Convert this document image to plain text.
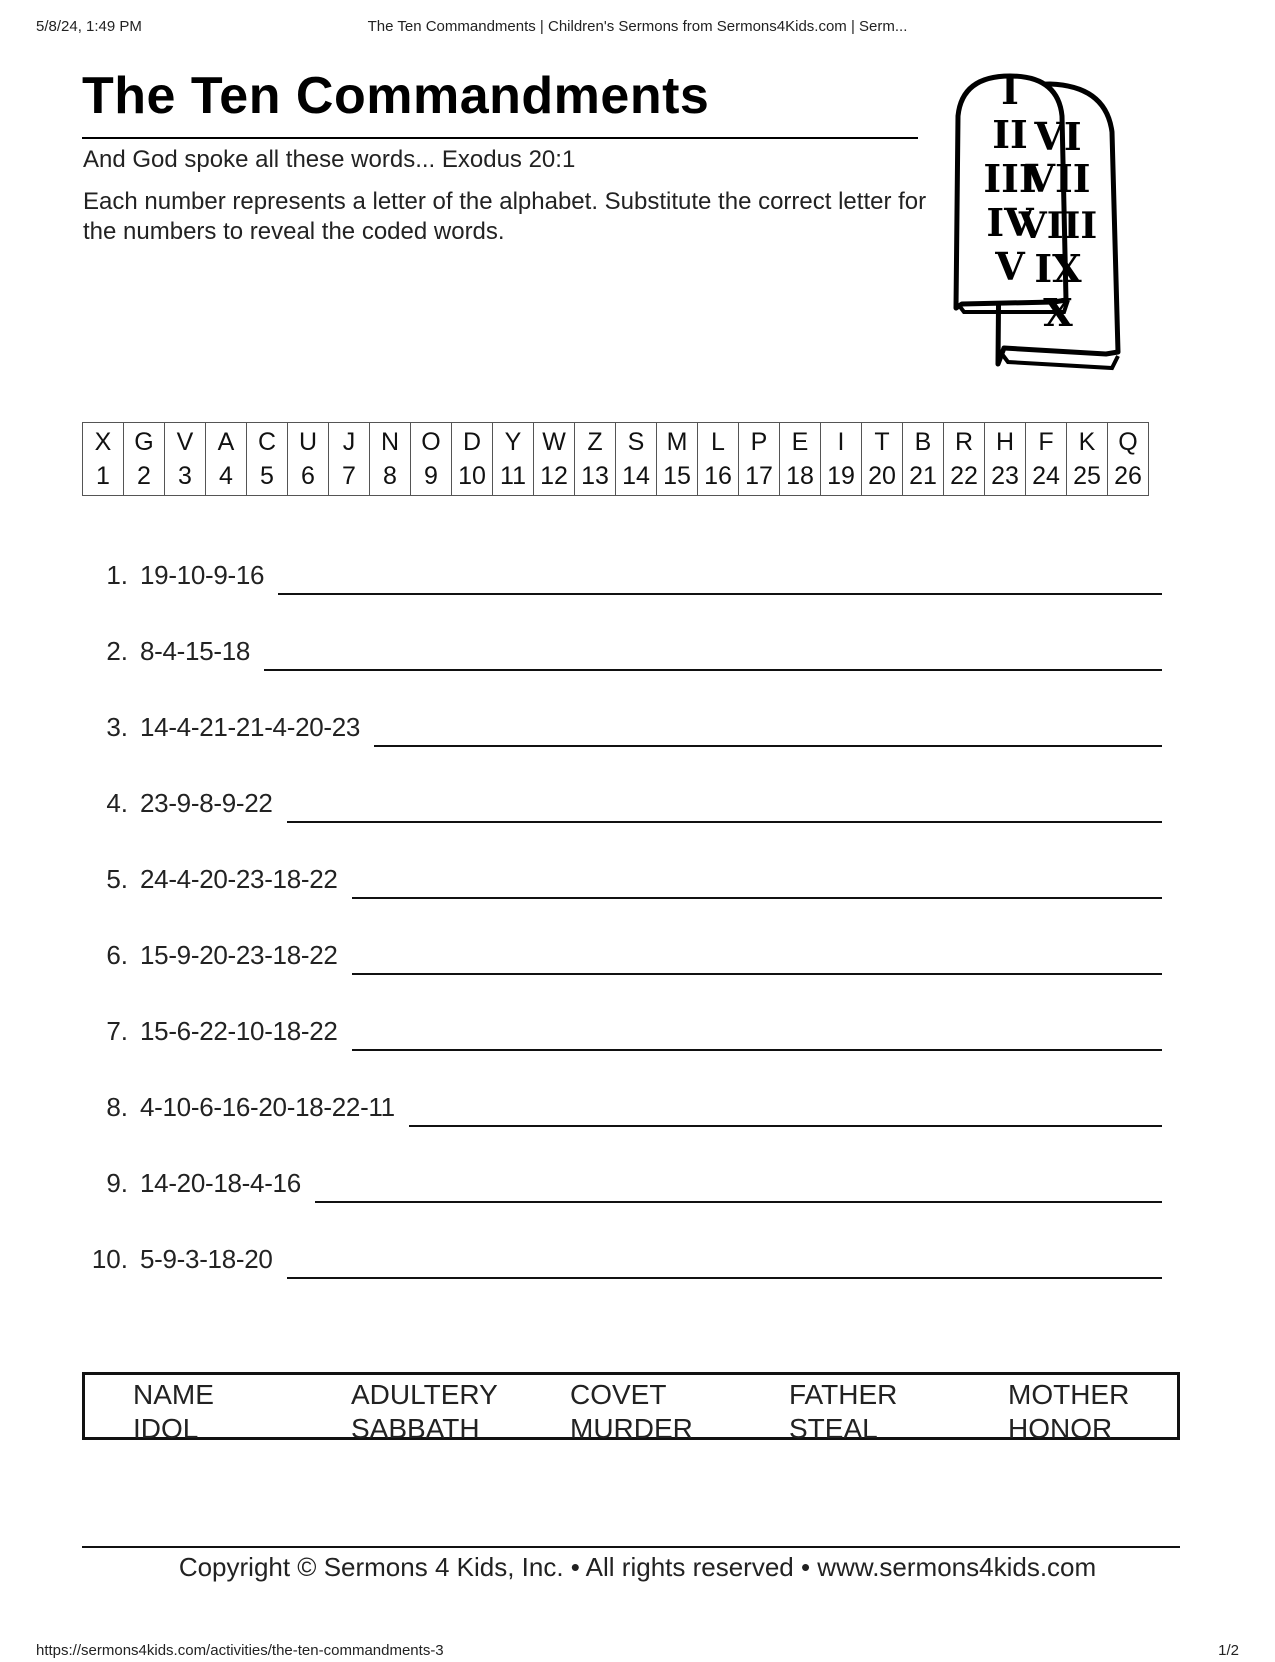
5/8/24, 1:49 PM	The Ten Commandments | Children's Sermons from Sermons4Kids.com | Serm...
The Ten Commandments
And God spoke all these words... Exodus 20:1
Each number represents a letter of the alphabet. Substitute the correct letter for the numbers to reveal the coded words.
I
II
III
IV
V
VI
VII
VIII
IX
X
X	G	V	A	C	U	J	N	O	D	Y	W	Z	S	M	L	P	E	I	T	B	R	H	F	K	Q
1	2	3	4	5	6	7	8	9	10	11	12	13	14	15	16	17	18	19	20	21	22	23	24	25	26
1. 19-10-9-16
2. 8-4-15-18
3. 14-4-21-21-4-20-23
4. 23-9-8-9-22
5. 24-4-20-23-18-22
6. 15-9-20-23-18-22
7. 15-6-22-10-18-22
8. 4-10-6-16-20-18-22-11
9. 14-20-18-4-16
10. 5-9-3-18-20
NAME	ADULTERY	COVET	FATHER	MOTHER
IDOL	SABBATH	MURDER	STEAL	HONOR
Copyright © Sermons 4 Kids, Inc. • All rights reserved • www.sermons4kids.com
https://sermons4kids.com/activities/the-ten-commandments-3	1/2
